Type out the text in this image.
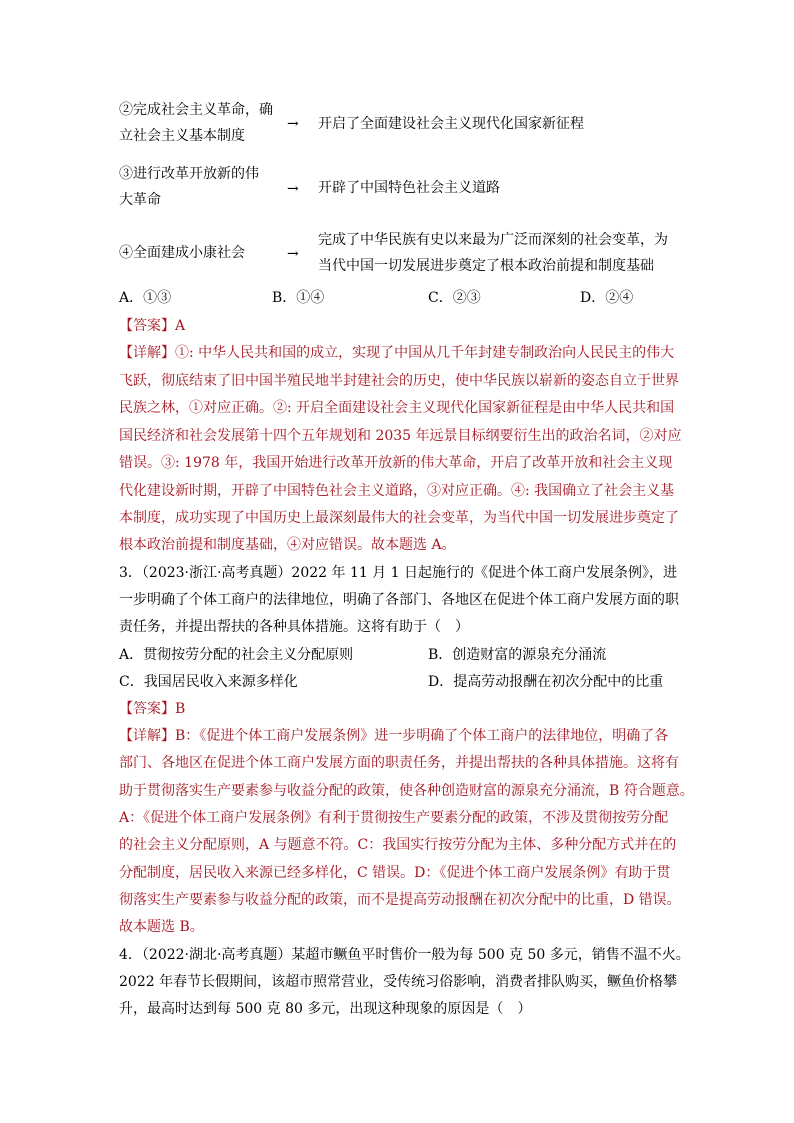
②完成社会主义革命，确
立社会主义基本制度
→	开启了全面建设社会主义现代化国家新征程
③进行改革开放新的伟
大革命
→	开辟了中国特色社会主义道路
④全面建成小康社会	→
完成了中华民族有史以来最为广泛而深刻的社会变革，为
当代中国一切发展进步奠定了根本政治前提和制度基础
A．①③	B．①④	C．②③	D．②④
【答案】A
【详解】①: 中华人民共和国的成立，实现了中国从几千年封建专制政治向人民民主的伟大
飞跃，彻底结束了旧中国半殖民地半封建社会的历史，使中华民族以崭新的姿态自立于世界
民族之林，①对应正确。②: 开启全面建设社会主义现代化国家新征程是由中华人民共和国
国民经济和社会发展第十四个五年规划和 2035 年远景目标纲要衍生出的政治名词，②对应
错误。③: 1978 年，我国开始进行改革开放新的伟大革命，开启了改革开放和社会主义现
代化建设新时期，开辟了中国特色社会主义道路，③对应正确。④: 我国确立了社会主义基
本制度，成功实现了中国历史上最深刻最伟大的社会变革，为当代中国一切发展进步奠定了
根本政治前提和制度基础，④对应错误。故本题选 A。
3．（2023·浙江·高考真题）2022 年 11 月 1 日起施行的《促进个体工商户发展条例》，进
一步明确了个体工商户的法律地位，明确了各部门、各地区在促进个体工商户发展方面的职
责任务，并提出帮扶的各种具体措施。这将有助于（　）
A．贯彻按劳分配的社会主义分配原则	B．创造财富的源泉充分涌流
C．我国居民收入来源多样化	D．提高劳动报酬在初次分配中的比重
【答案】B
【详解】B：《促进个体工商户发展条例》进一步明确了个体工商户的法律地位，明确了各
部门、各地区在促进个体工商户发展方面的职责任务，并提出帮扶的各种具体措施。这将有
助于贯彻落实生产要素参与收益分配的政策，使各种创造财富的源泉充分涌流，B 符合题意。
A：《促进个体工商户发展条例》有利于贯彻按生产要素分配的政策，不涉及贯彻按劳分配
的社会主义分配原则，A 与题意不符。C：我国实行按劳分配为主体、多种分配方式并在的
分配制度，居民收入来源已经多样化，C 错误。D：《促进个体工商户发展条例》有助于贯
彻落实生产要素参与收益分配的政策，而不是提高劳动报酬在初次分配中的比重，D 错误。
故本题选 B。
4．（2022·湖北·高考真题）某超市鳜鱼平时售价一般为每 500 克 50 多元，销售不温不火。
2022 年春节长假期间，该超市照常营业，受传统习俗影响，消费者排队购买，鳜鱼价格攀
升，最高时达到每 500 克 80 多元，出现这种现象的原因是（　）
